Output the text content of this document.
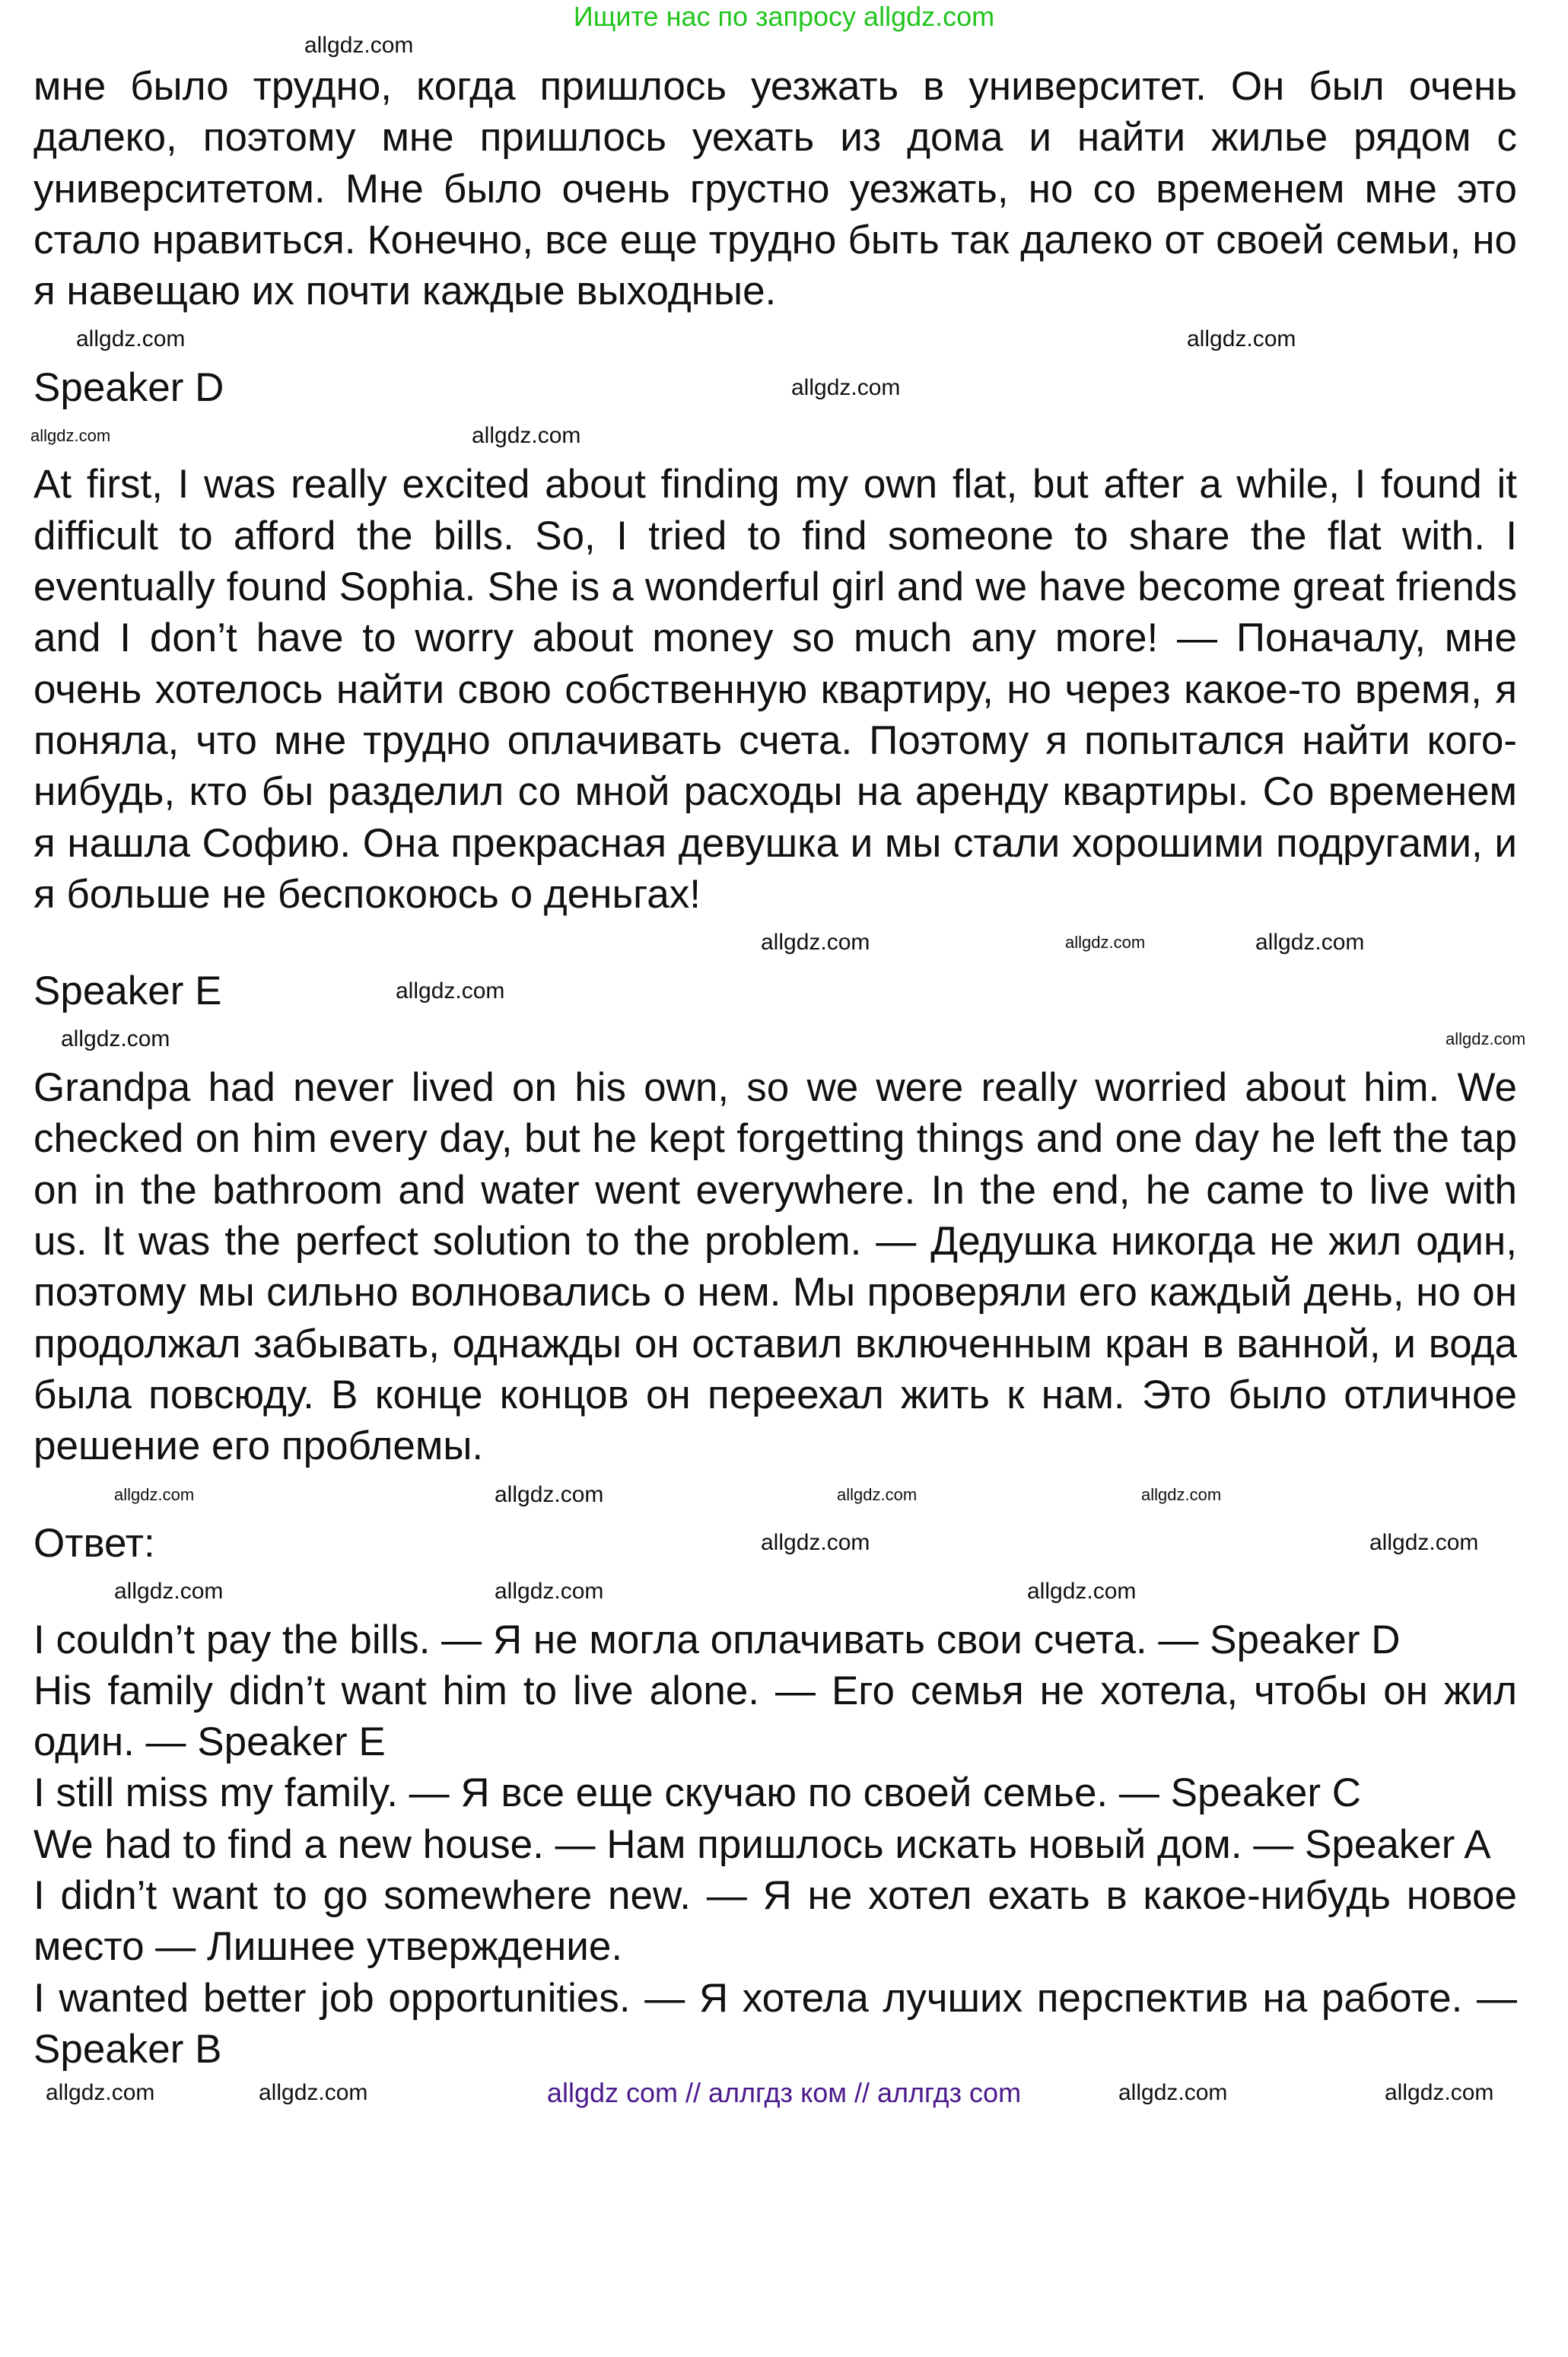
Ищите нас по запросу allgdz.com
allgdz.com
мне было трудно, когда пришлось уезжать в университет. Он был очень далеко, поэтому мне пришлось уехать из дома и найти жилье рядом с университетом. Мне было очень грустно уезжать, но со временем мне это стало нравиться. Конечно, все еще трудно быть так далеко от своей семьи, но я навещаю их почти каждые выходные.
allgdz.com
allgdz.com
Speaker D	allgdz.com
allgdz.com
allgdz.com
At first, I was really excited about finding my own flat, but after a while, I found it difficult to afford the bills. So, I tried to find someone to share the flat with. I eventually found Sophia. She is a wonderful girl and we have become great friends and I don’t have to worry about money so much any more! — Поначалу, мне очень хотелось найти свою собственную квартиру, но через какое-то время, я поняла, что мне трудно оплачивать счета. Поэтому я попытался найти кого-нибудь, кто бы разделил со мной расходы на аренду квартиры. Со временем я нашла Софию. Она прекрасная девушка и мы стали хорошими подругами, и я больше не беспокоюсь о деньгах!
allgdz.com	allgdz.com
allgdz.com
Speaker E	allgdz.com
allgdz.com	allgdz.com
Grandpa had never lived on his own, so we were really worried about him. We checked on him every day, but he kept forgetting things and one day he left the tap on in the bathroom and water went everywhere. In the end, he came to live with us. It was the perfect solution to the problem. — Дедушка никогда не жил один, поэтому мы сильно волновались о нем. Мы проверяли его каждый день, но он продолжал забывать, однажды он оставил включенным кран в ванной, и вода была повсюду. В конце концов он переехал жить к нам. Это было отличное решение его проблемы.
allgdz.com
allgdz.com
allgdz.com	allgdz.com
Ответ:	allgdz.com
allgdz.com
allgdz.com	allgdz.com	allgdz.com

I couldn’t pay the bills. — Я не могла оплачивать свои счета. — Speaker D

His family didn’t want him to live alone. — Его семья не хотела, чтобы он жил один. — Speaker E

I still miss my family. — Я все еще скучаю по своей семье. — Speaker C

We had to find a new house. — Нам пришлось искать новый дом. — Speaker A

I didn’t want to go somewhere new. — Я не хотел ехать в какое-нибудь новое место — Лишнее утверждение.

I wanted better job opportunities. — Я хотела лучших перспектив на работе. — Speaker B

allgdz com // аллгдз ком // аллгдз com	allgdz.com
allgdz.com	allgdz.com
allgdz.com
